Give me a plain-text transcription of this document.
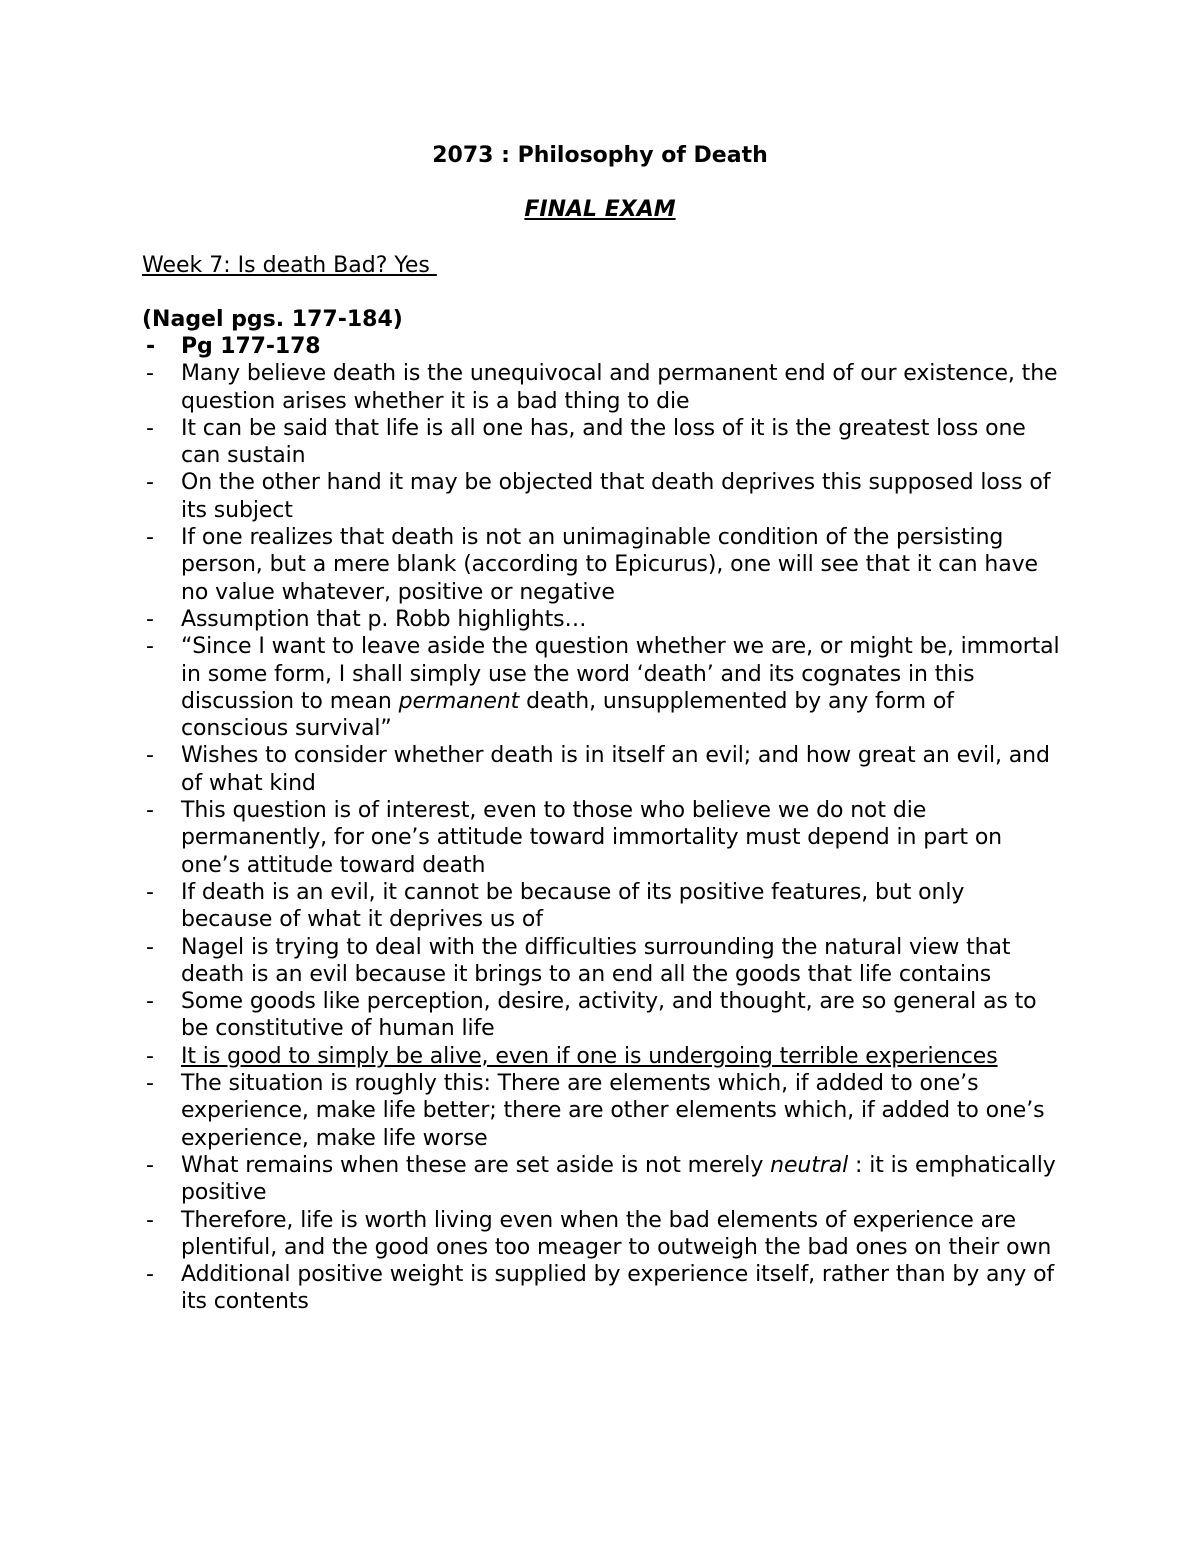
2073 : Philosophy of Death
FINAL EXAM
Week 7: Is death Bad? Yes
(Nagel pgs. 177-184)
- Pg 177-178
- Many believe death is the unequivocal and permanent end of our existence, the question arises whether it is a bad thing to die
- It can be said that life is all one has, and the loss of it is the greatest loss one can sustain
- On the other hand it may be objected that death deprives this supposed loss of its subject
- If one realizes that death is not an unimaginable condition of the persisting person, but a mere blank (according to Epicurus), one will see that it can have no value whatever, positive or negative
- Assumption that p. Robb highlights…
- “Since I want to leave aside the question whether we are, or might be, immortal in some form, I shall simply use the word ‘death’ and its cognates in this discussion to mean permanent death, unsupplemented by any form of conscious survival”
- Wishes to consider whether death is in itself an evil; and how great an evil, and of what kind
- This question is of interest, even to those who believe we do not die permanently, for one’s attitude toward immortality must depend in part on one’s attitude toward death
- If death is an evil, it cannot be because of its positive features, but only because of what it deprives us of
- Nagel is trying to deal with the difficulties surrounding the natural view that death is an evil because it brings to an end all the goods that life contains
- Some goods like perception, desire, activity, and thought, are so general as to be constitutive of human life
- It is good to simply be alive, even if one is undergoing terrible experiences
- The situation is roughly this: There are elements which, if added to one’s experience, make life better; there are other elements which, if added to one’s experience, make life worse
- What remains when these are set aside is not merely neutral : it is emphatically positive
- Therefore, life is worth living even when the bad elements of experience are plentiful, and the good ones too meager to outweigh the bad ones on their own
- Additional positive weight is supplied by experience itself, rather than by any of its contents
